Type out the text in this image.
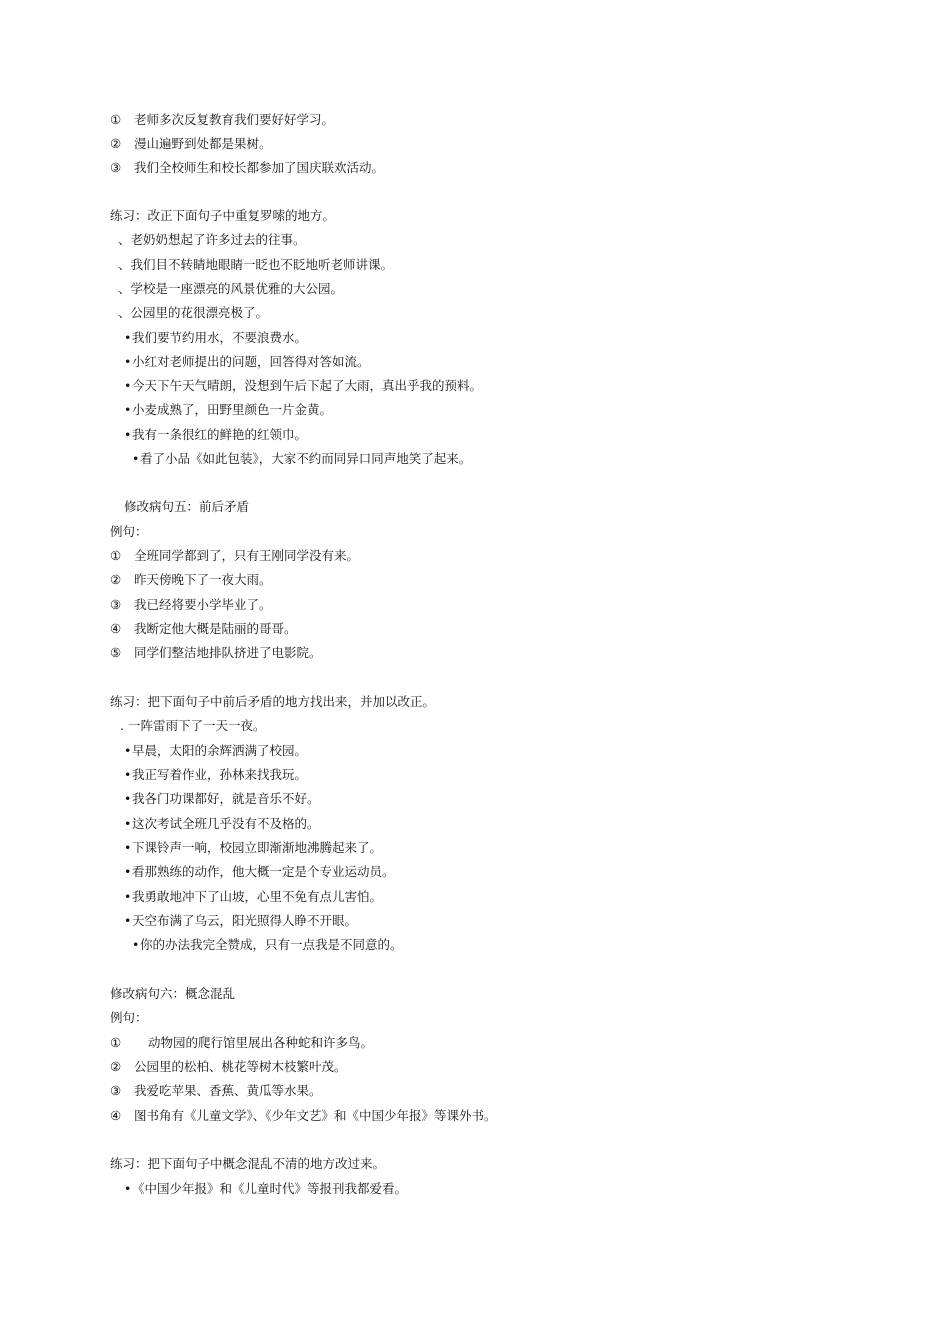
① 老师多次反复教育我们要好好学习。
② 漫山遍野到处都是果树。
③ 我们全校师生和校长都参加了国庆联欢活动。
练习：改正下面句子中重复罗嗦的地方。
、老奶奶想起了许多过去的往事。
、我们目不转睛地眼睛一眨也不眨地听老师讲课。
、学校是一座漂亮的风景优雅的大公园。
、公园里的花很漂亮极了。
•我们要节约用水，不要浪费水。
•小红对老师提出的问题，回答得对答如流。
•今天下午天气晴朗，没想到午后下起了大雨，真出乎我的预料。
•小麦成熟了，田野里颜色一片金黄。
•我有一条很红的鲜艳的红领巾。
•看了小品《如此包装》，大家不约而同异口同声地笑了起来。
修改病句五：前后矛盾
例句：
① 全班同学都到了，只有王刚同学没有来。
② 昨天傍晚下了一夜大雨。
③ 我已经将要小学毕业了。
④ 我断定他大概是陆丽的哥哥。
⑤ 同学们整洁地排队挤进了电影院。
练习：把下面句子中前后矛盾的地方找出来，并加以改正。
. 一阵雷雨下了一天一夜。
•早晨，太阳的余辉洒满了校园。
•我正写着作业，孙林来找我玩。
•我各门功课都好，就是音乐不好。
•这次考试全班几乎没有不及格的。
•下课铃声一响，校园立即渐渐地沸腾起来了。
•看那熟练的动作，他大概一定是个专业运动员。
•我勇敢地冲下了山坡，心里不免有点儿害怕。
•天空布满了乌云，阳光照得人睁不开眼。
•你的办法我完全赞成，只有一点我是不同意的。
修改病句六：概念混乱
例句：
① 动物园的爬行馆里展出各种蛇和许多鸟。
② 公园里的松柏、桃花等树木枝繁叶茂。
③ 我爱吃苹果、香蕉、黄瓜等水果。
④ 图书角有《儿童文学》、《少年文艺》和《中国少年报》等课外书。
练习：把下面句子中概念混乱不清的地方改过来。
•《中国少年报》和《儿童时代》等报刊我都爱看。
